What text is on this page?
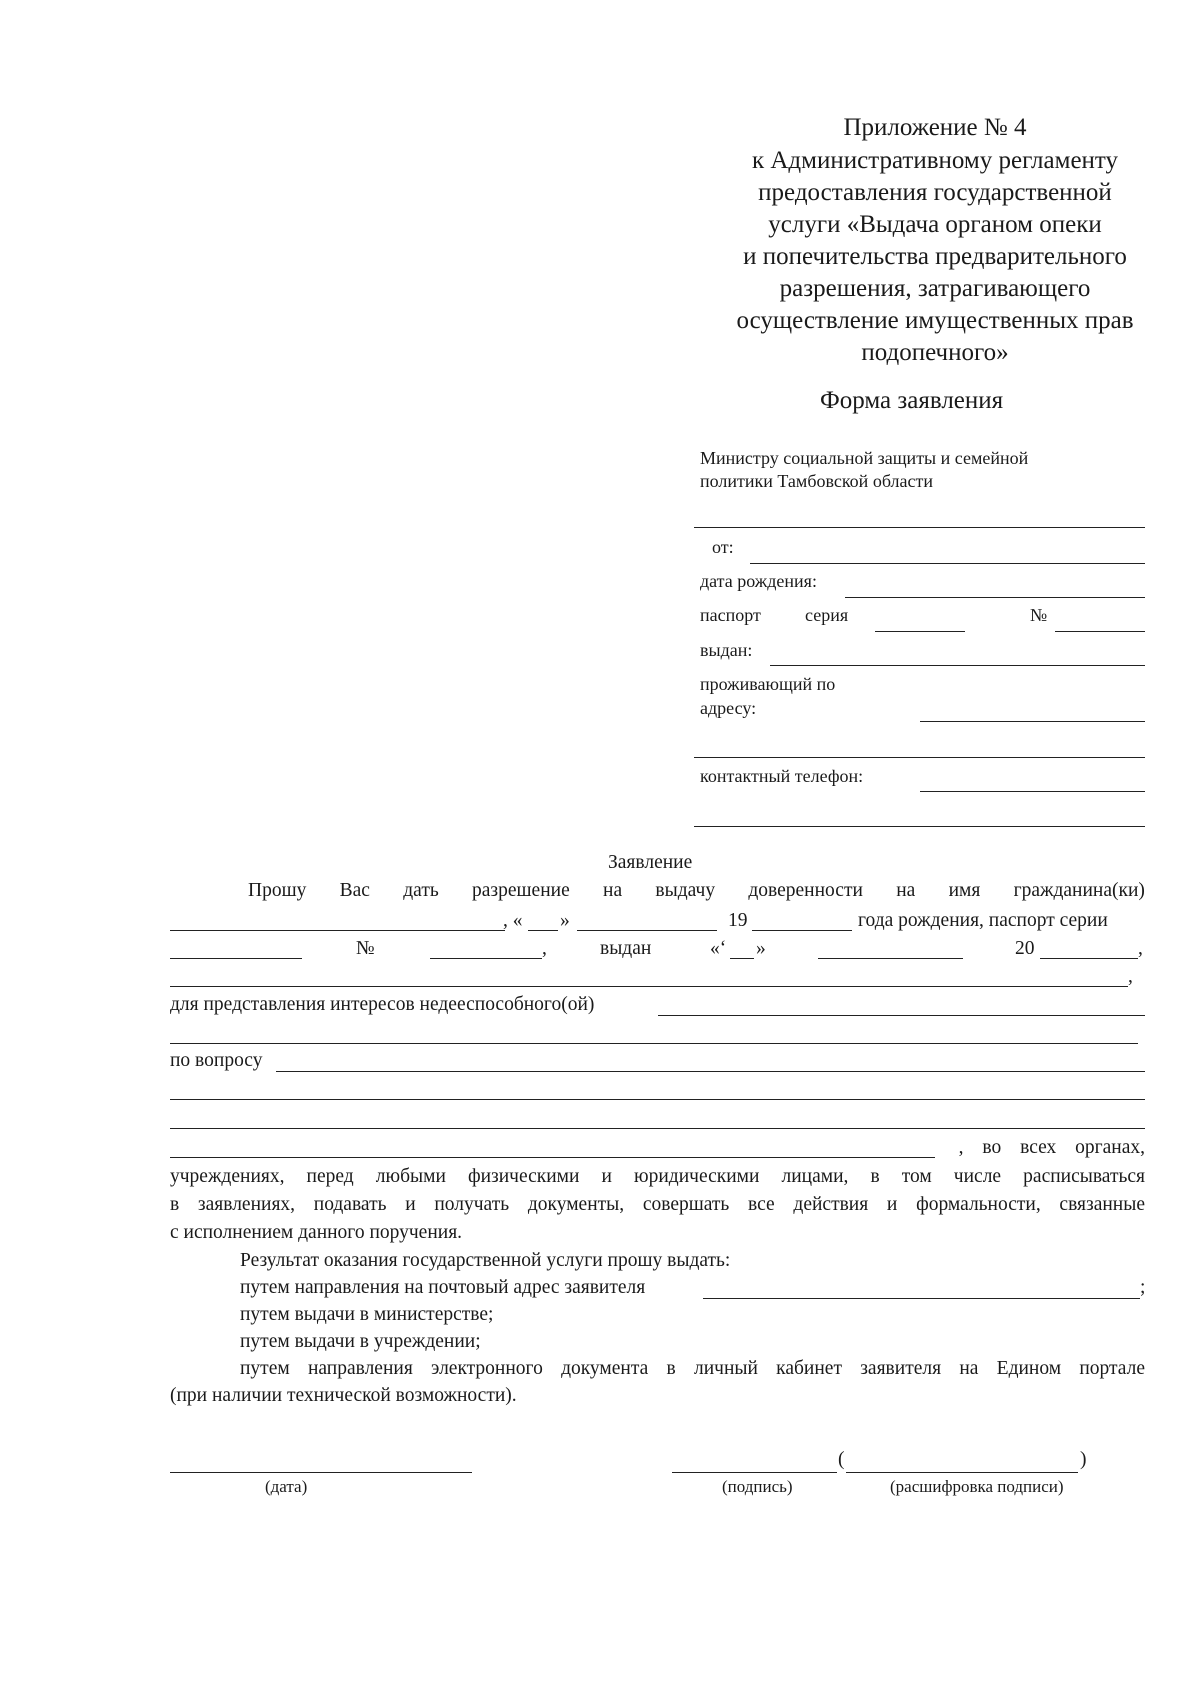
Приложение № 4
к Административному регламенту
предоставления государственной
услуги «Выдача органом опеки
и попечительства предварительного
разрешения, затрагивающего
осуществление имущественных прав
подопечного»
Форма заявления
Министру социальной защиты и семейной
политики Тамбовской области
от:
дата рождения:
паспорт серия	№
выдан:
проживающий по
адресу:
контактный телефон:
Заявление
Прошу Вас дать разрешение на выдачу доверенности на имя гражданина(ки)
, « »	19	года рождения, паспорт серии
№	,	выдан	«‘ »	20	,
,
для представления интересов недееспособного(ой)
по вопросу
, во всех органах,
учреждениях, перед любыми физическими и юридическими лицами, в том числе расписываться
в заявлениях, подавать и получать документы, совершать все действия и формальности, связанные
с исполнением данного поручения.
Результат оказания государственной услуги прошу выдать:
путем направления на почтовый адрес заявителя	;
путем выдачи в министерстве;
путем выдачи в учреждении;
путем направления электронного документа в личный кабинет заявителя на Едином портале
(при наличии технической возможности).
(дата)
(	)
(подпись)	(расшифровка подписи)
